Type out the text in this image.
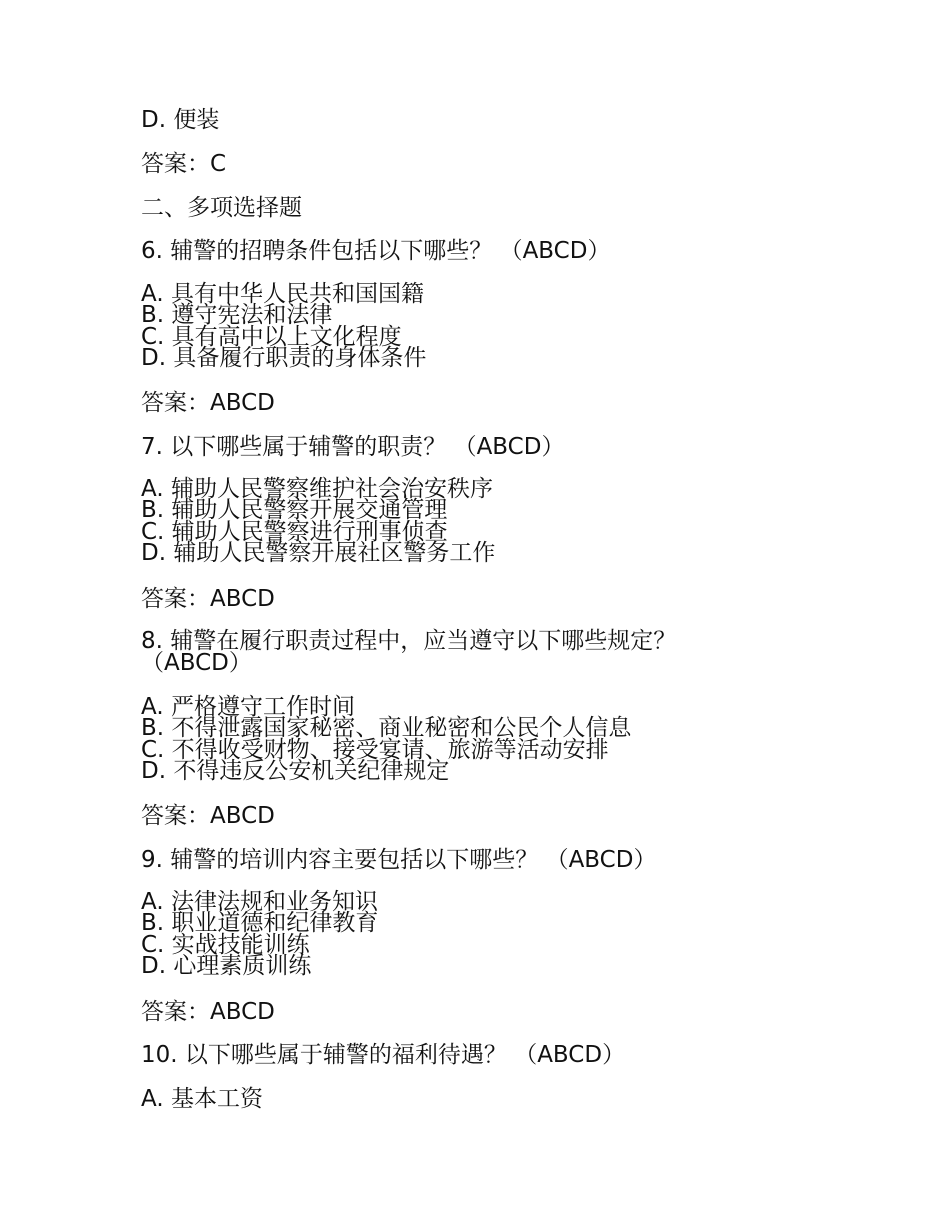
D. 便装
答案：C
二、多项选择题
6. 辅警的招聘条件包括以下哪些？ （ABCD）
A. 具有中华人民共和国国籍
B. 遵守宪法和法律
C. 具有高中以上文化程度
D. 具备履行职责的身体条件
答案：ABCD
7. 以下哪些属于辅警的职责？ （ABCD）
A. 辅助人民警察维护社会治安秩序
B. 辅助人民警察开展交通管理
C. 辅助人民警察进行刑事侦查
D. 辅助人民警察开展社区警务工作
答案：ABCD
8. 辅警在履行职责过程中，应当遵守以下哪些规定？ （ABCD）
A. 严格遵守工作时间
B. 不得泄露国家秘密、商业秘密和公民个人信息
C. 不得收受财物、接受宴请、旅游等活动安排
D. 不得违反公安机关纪律规定
答案：ABCD
9. 辅警的培训内容主要包括以下哪些？ （ABCD）
A. 法律法规和业务知识
B. 职业道德和纪律教育
C. 实战技能训练
D. 心理素质训练
答案：ABCD
10. 以下哪些属于辅警的福利待遇？ （ABCD）
A. 基本工资
